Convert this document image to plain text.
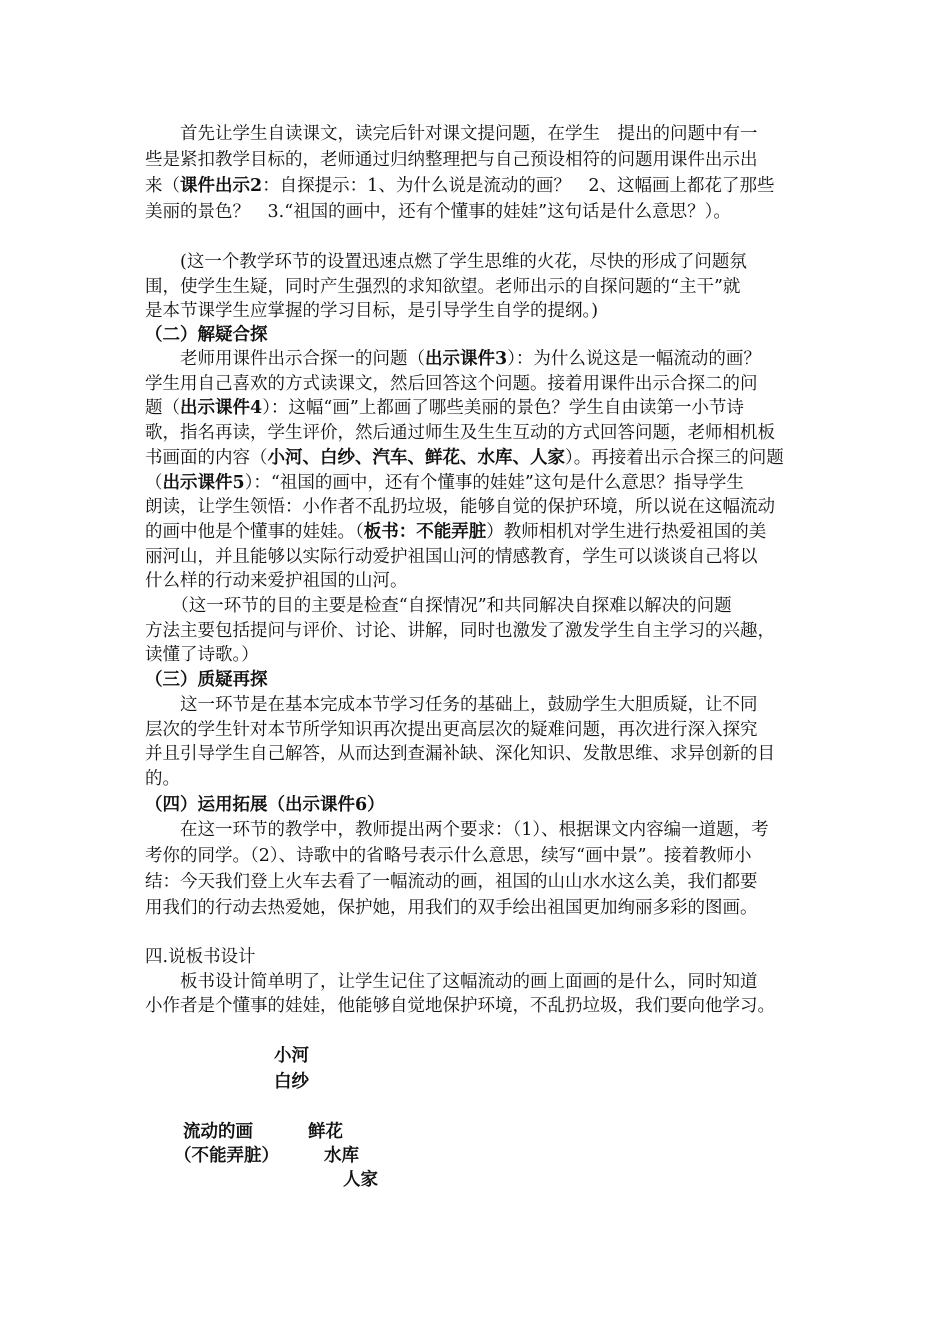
　　首先让学生自读课文，读完后针对课文提问题，在学生　提出的问题中有一
些是紧扣教学目标的，老师通过归纳整理把与自己预设相符的问题用课件出示出
来（课件出示2：自探提示：1、为什么说是流动的画？　2、这幅画上都花了那些
美丽的景色？　3.“祖国的画中，还有个懂事的娃娃”这句话是什么意思？）。
　　(这一个教学环节的设置迅速点燃了学生思维的火花，尽快的形成了问题氛
围，使学生生疑，同时产生强烈的求知欲望。老师出示的自探问题的“主干”就
是本节课学生应掌握的学习目标，是引导学生自学的提纲。)
（二）解疑合探
　　老师用课件出示合探一的问题（出示课件3）：为什么说这是一幅流动的画？
学生用自己喜欢的方式读课文，然后回答这个问题。接着用课件出示合探二的问
题（出示课件4）：这幅“画”上都画了哪些美丽的景色？学生自由读第一小节诗
歌，指名再读，学生评价，然后通过师生及生生互动的方式回答问题，老师相机板
书画面的内容（小河、白纱、汽车、鲜花、水库、人家）。再接着出示合探三的问题
（出示课件5）：“祖国的画中，还有个懂事的娃娃”这句是什么意思？指导学生
朗读，让学生领悟：小作者不乱扔垃圾，能够自觉的保护环境，所以说在这幅流动
的画中他是个懂事的娃娃。（板书：不能弄脏）教师相机对学生进行热爱祖国的美
丽河山，并且能够以实际行动爱护祖国山河的情感教育，学生可以谈谈自己将以
什么样的行动来爱护祖国的山河。
　　（这一环节的目的主要是检查“自探情况”和共同解决自探难以解决的问题
方法主要包括提问与评价、讨论、讲解，同时也激发了激发学生自主学习的兴趣，
读懂了诗歌。）
（三）质疑再探
　　这一环节是在基本完成本节学习任务的基础上，鼓励学生大胆质疑，让不同
层次的学生针对本节所学知识再次提出更高层次的疑难问题，再次进行深入探究
并且引导学生自己解答，从而达到查漏补缺、深化知识、发散思维、求异创新的目
的。
（四）运用拓展（出示课件6）
　　在这一环节的教学中，教师提出两个要求：（1）、根据课文内容编一道题，考
考你的同学。（2）、诗歌中的省略号表示什么意思，续写“画中景”。接着教师小
结：今天我们登上火车去看了一幅流动的画，祖国的山山水水这么美，我们都要
用我们的行动去热爱她，保护她，用我们的双手绘出祖国更加绚丽多彩的图画。
四.说板书设计
　　板书设计简单明了，让学生记住了这幅流动的画上面画的是什么，同时知道
小作者是个懂事的娃娃，他能够自觉地保护环境，不乱扔垃圾，我们要向他学习。
小河
白纱
流动的画	鲜花
（不能弄脏）	水库
人家
